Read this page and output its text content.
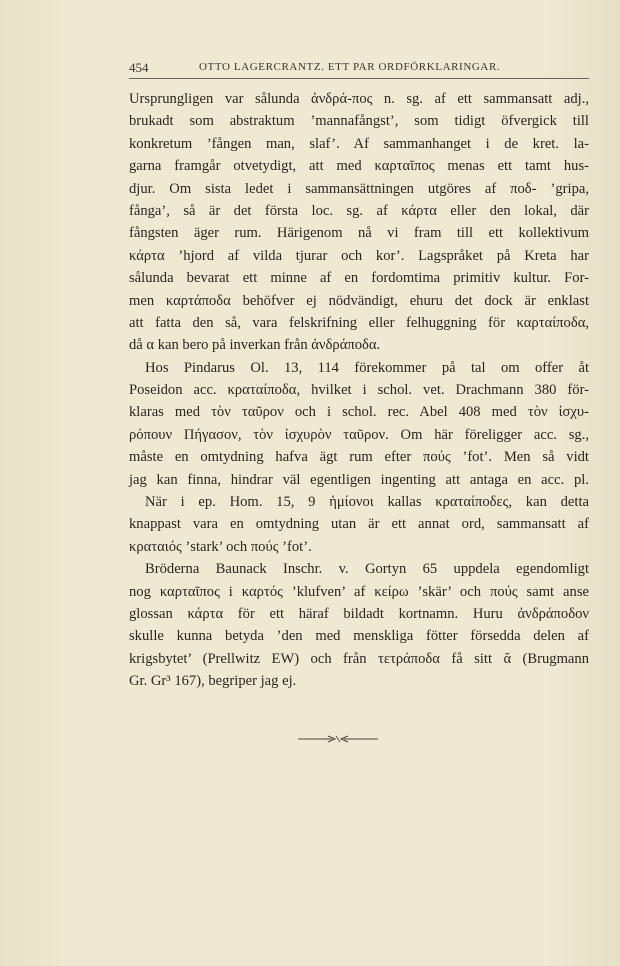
454	OTTO LAGERCRANTZ. ETT PAR ORDFÖRKLARINGAR.
Ursprungligen var sålunda ἀνδρά-πος n. sg. af ett sammansatt adj.,
brukadt som abstraktum ’mannafångst’, som tidigt öfvergick till
konkretum ’fången man, slaf’. Af sammanhanget i de kret. la-
garna framgår otvetydigt, att med καρταῖπος menas ett tamt hus-
djur. Om sista ledet i sammansättningen utgöres af ποδ- ’gripa,
fånga’, så är det första loc. sg. af κάρτα eller den lokal, där
fångsten äger rum. Härigenom nå vi fram till ett kollektivum
κάρτα ’hjord af vilda tjurar och kor’. Lagspråket på Kreta har
sålunda bevarat ett minne af en fordomtima primitiv kultur. For-
men καρτάποδα behöfver ej nödvändigt, ehuru det dock är enklast
att fatta den så, vara felskrifning eller felhuggning för καρταίποδα,
då α kan bero på inverkan från ἀνδράποδα.
Hos Pindarus Ol. 13, 114 förekommer på tal om offer åt
Poseidon acc. κραταίποδα, hvilket i schol. vet. Drachmann 380 för-
klaras med τὸν ταῦρον och i schol. rec. Abel 408 med τὸν ἰσχυ-
ρόπουν Πήγασον, τὸν ἰσχυρὸν ταῦρον. Om här föreligger acc. sg.,
måste en omtydning hafva ägt rum efter πούς ’fot’. Men så vidt
jag kan finna, hindrar väl egentligen ingenting att antaga en acc. pl.
När i ep. Hom. 15, 9 ἡμίονοι kallas κραταίποδες, kan detta
knappast vara en omtydning utan är ett annat ord, sammansatt af
κραταιός ’stark’ och πούς ’fot’.
Bröderna Baunack Inschr. v. Gortyn 65 uppdela egendomligt
nog καρταῖπος i καρτός ’klufven’ af κείρω ’skär’ och πούς samt anse
glossan κάρτα för ett häraf bildadt kortnamn. Huru ἀνδράποδον
skulle kunna betyda ’den med menskliga fötter försedda delen af
krigsbytet’ (Prellwitz EW) och från τετράποδα få sitt ᾰ (Brugmann
Gr. Gr³ 167), begriper jag ej.
